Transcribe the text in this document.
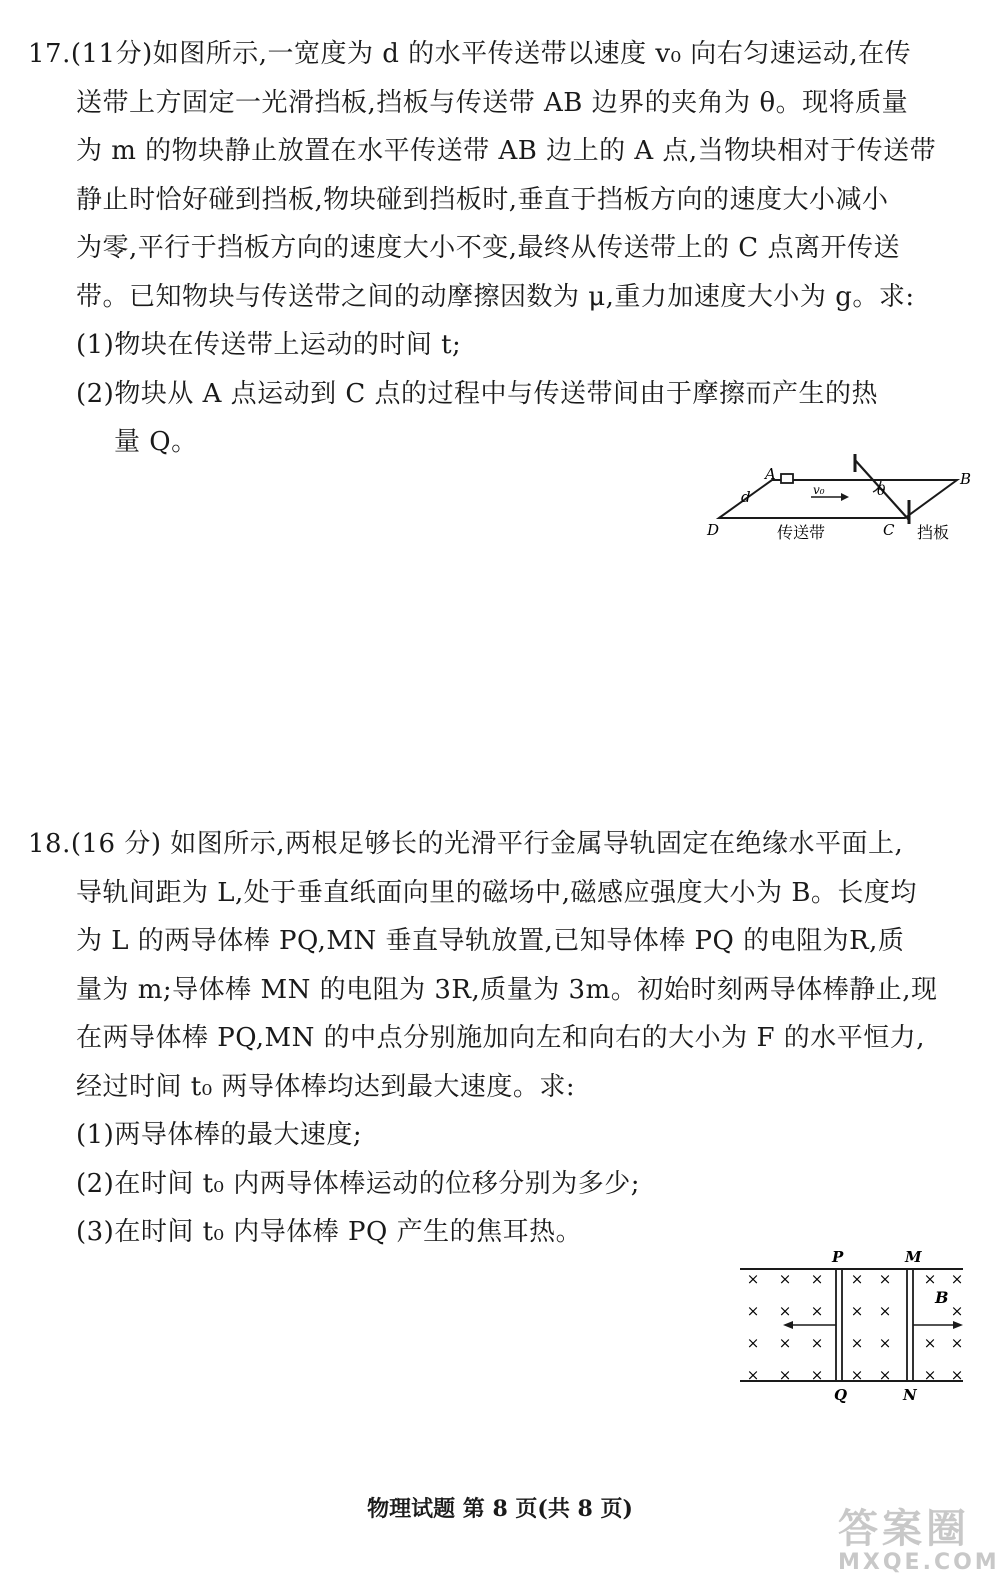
17.(11分)如图所示,一宽度为 d 的水平传送带以速度 v₀ 向右匀速运动,在传
送带上方固定一光滑挡板,挡板与传送带 AB 边界的夹角为 θ。现将质量
为 m 的物块静止放置在水平传送带 AB 边上的 A 点,当物块相对于传送带
静止时恰好碰到挡板,物块碰到挡板时,垂直于挡板方向的速度大小减小
为零,平行于挡板方向的速度大小不变,最终从传送带上的 C 点离开传送
带。已知物块与传送带之间的动摩擦因数为 μ,重力加速度大小为 g。求:
(1)物块在传送带上运动的时间 t;
(2)物块从 A 点运动到 C 点的过程中与传送带间由于摩擦而产生的热
量 Q。
A	B
C
D
d	v₀	θ
传送带	挡板
18.(16 分) 如图所示,两根足够长的光滑平行金属导轨固定在绝缘水平面上,
导轨间距为 L,处于垂直纸面向里的磁场中,磁感应强度大小为 B。长度均
为 L 的两导体棒 PQ,MN 垂直导轨放置,已知导体棒 PQ 的电阻为R,质
量为 m;导体棒 MN 的电阻为 3R,质量为 3m。初始时刻两导体棒静止,现
在两导体棒 PQ,MN 的中点分别施加向左和向右的大小为 F 的水平恒力,
经过时间 t₀ 两导体棒均达到最大速度。求:
(1)两导体棒的最大速度;
(2)在时间 t₀ 内两导体棒运动的位移分别为多少;
(3)在时间 t₀ 内导体棒 PQ 产生的焦耳热。
× × × × × × ×
× × × × ×	×
× × × × × × ×
× × × × × × ×
P	M
Q	N
B
物理试题 第 8 页(共 8 页)	答案圈
MXQE.COM
